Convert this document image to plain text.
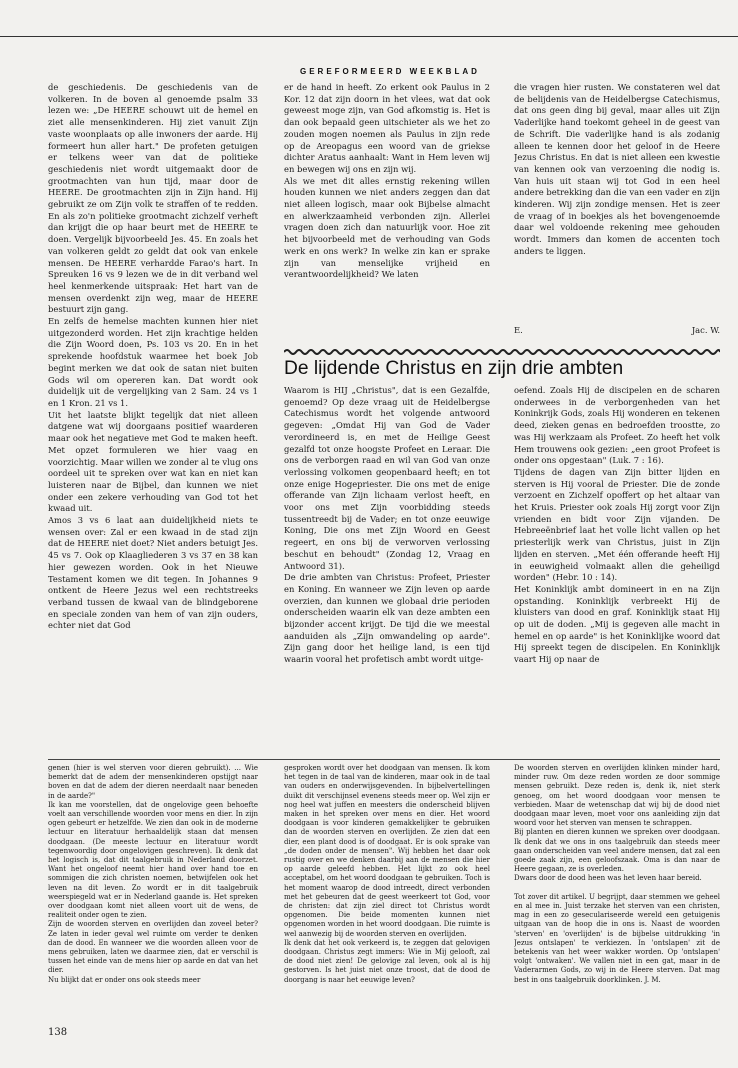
GEREFORMEERD WEEKBLAD
de geschiedenis. De geschiedenis van de volkeren. In de boven al genoemde psalm 33 lezen we: „De HEERE schouwt uit de hemel en ziet alle mensenkinderen. Hij ziet vanuit Zijn vaste woonplaats op alle inwoners der aarde. Hij formeert hun aller hart." De profeten getuigen er telkens weer van dat de politieke geschiedenis niet wordt uitgemaakt door de grootmachten van hun tijd, maar door de HEERE. De grootmachten zijn in Zijn hand. Hij gebruikt ze om Zijn volk te straffen of te redden. En als zo'n politieke grootmacht zichzelf verheft dan krijgt die op haar beurt met de HEERE te doen. Vergelijk bijvoorbeeld Jes. 45. En zoals het van volkeren geldt zo geldt dat ook van enkele mensen. De HEERE verhardde Farao's hart. In Spreuken 16 vs 9 lezen we de in dit verband wel heel kenmerkende uitspraak: Het hart van de mensen overdenkt zijn weg, maar de HEERE bestuurt zijn gang.
En zelfs de hemelse machten kunnen hier niet uitgezonderd worden. Het zijn krachtige helden die Zijn Woord doen, Ps. 103 vs 20. En in het sprekende hoofdstuk waarmee het boek Job begint merken we dat ook de satan niet buiten Gods wil om opereren kan. Dat wordt ook duidelijk uit de vergelijking van 2 Sam. 24 vs 1 en 1 Kron. 21 vs 1.
Uit het laatste blijkt tegelijk dat niet alleen datgene wat wij doorgaans positief waarderen maar ook het negatieve met God te maken heeft. Met opzet formuleren we hier vaag en voorzichtig. Maar willen we zonder al te vlug ons oordeel uit te spreken over wat kan en niet kan luisteren naar de Bijbel, dan kunnen we niet onder een zekere verhouding van God tot het kwaad uit.
Amos 3 vs 6 laat aan duidelijkheid niets te wensen over: Zal er een kwaad in de stad zijn dat de HEERE niet doet? Niet anders betuigt Jes. 45 vs 7. Ook op Klaagliederen 3 vs 37 en 38 kan hier gewezen worden. Ook in het Nieuwe Testament komen we dit tegen. In Johannes 9 ontkent de Heere Jezus wel een rechtstreeks verband tussen de kwaal van de blindgeborene en speciale zonden van hem of van zijn ouders, echter niet dat God
er de hand in heeft. Zo erkent ook Paulus in 2 Kor. 12 dat zijn doorn in het vlees, wat dat ook geweest moge zijn, van God afkomstig is. Het is dan ook bepaald geen uitschieter als we het zo zouden mogen noemen als Paulus in zijn rede op de Areopagus een woord van de griekse dichter Aratus aanhaalt: Want in Hem leven wij en bewegen wij ons en zijn wij.
Als we met dit alles ernstig rekening willen houden kunnen we niet anders zeggen dan dat niet alleen logisch, maar ook Bijbelse almacht en alwerkzaamheid verbonden zijn. Allerlei vragen doen zich dan natuurlijk voor. Hoe zit het bijvoorbeeld met de verhouding van Gods werk en ons werk? In welke zin kan er sprake zijn van menselijke vrijheid en verantwoordelijkheid? We laten
die vragen hier rusten. We constateren wel dat de belijdenis van de Heidelbergse Catechismus, dat ons geen ding bij geval, maar alles uit Zijn Vaderlijke hand toekomt geheel in de geest van de Schrift. Die vaderlijke hand is als zodanig alleen te kennen door het geloof in de Heere Jezus Christus. En dat is niet alleen een kwestie van kennen ook van verzoening die nodig is. Van huis uit staan wij tot God in een heel andere betrekking dan die van een vader en zijn kinderen. Wij zijn zondige mensen. Het is zeer de vraag of in boekjes als het bovengenoemde daar wel voldoende rekening mee gehouden wordt. Immers dan komen de accenten toch anders te liggen.
E.	Jac. W.
De lijdende Christus en zijn drie ambten
Waarom is HIJ „Christus", dat is een Gezalfde, genoemd? Op deze vraag uit de Heidelbergse Catechismus wordt het volgende antwoord gegeven: „Omdat Hij van God de Vader verordineerd is, en met de Heilige Geest gezalfd tot onze hoogste Profeet en Leraar. Die ons de verborgen raad en wil van God van onze verlossing volkomen geopenbaard heeft; en tot onze enige Hogepriester. Die ons met de enige offerande van Zijn lichaam verlost heeft, en voor ons met Zijn voorbidding steeds tussentreedt bij de Vader; en tot onze eeuwige Koning, Die ons met Zijn Woord en Geest regeert, en ons bij de verworven verlossing beschut en behoudt" (Zondag 12, Vraag en Antwoord 31).
De drie ambten van Christus: Profeet, Priester en Koning. En wanneer we Zijn leven op aarde overzien, dan kunnen we globaal drie perioden onderscheiden waarin elk van deze ambten een bijzonder accent krijgt. De tijd die we meestal aanduiden als „Zijn omwandeling op aarde". Zijn gang door het heilige land, is een tijd waarin vooral het profetisch ambt wordt uitge-
oefend. Zoals Hij de discipelen en de scharen onderwees in de verborgenheden van het Koninkrijk Gods, zoals Hij wonderen en tekenen deed, zieken genas en bedroefden troostte, zo was Hij werkzaam als Profeet. Zo heeft het volk Hem trouwens ook gezien: „een groot Profeet is onder ons opgestaan" (Luk. 7 : 16).
Tijdens de dagen van Zijn bitter lijden en sterven is Hij vooral de Priester. Die de zonde verzoent en Zichzelf opoffert op het altaar van het Kruis. Priester ook zoals Hij zorgt voor Zijn vrienden en bidt voor Zijn vijanden. De Hebreeënbrief laat het volle licht vallen op het priesterlijk werk van Christus, juist in Zijn lijden en sterven. „Met één offerande heeft Hij in eeuwigheid volmaakt allen die geheiligd worden" (Hebr. 10 : 14).
Het Koninklijk ambt domineert in en na Zijn opstanding. Koninklijk verbreekt Hij de kluisters van dood en graf. Koninklijk staat Hij op uit de doden. „Mij is gegeven alle macht in hemel en op aarde" is het Koninklijke woord dat Hij spreekt tegen de discipelen. En Koninklijk vaart Hij op naar de
genen (hier is wel sterven voor dieren gebruikt). ... Wie bemerkt dat de adem der mensenkinderen opstijgt naar boven en dat de adem der dieren neerdaalt naar beneden in de aarde?"
Ik kan me voorstellen, dat de ongelovige geen behoefte voelt aan verschillende woorden voor mens en dier. In zijn ogen gebeurt er hetzelfde. We zien dan ook in de moderne lectuur en literatuur herhaaldelijk staan dat mensen doodgaan. (De meeste lectuur en literatuur wordt tegenwoordig door ongelovigen geschreven). Ik denk dat het logisch is, dat dit taalgebruik in Nederland doorzet. Want het ongeloof neemt hier hand over hand toe en sommigen die zich christen noemen, betwijfelen ook het leven na dit leven. Zo wordt er in dit taalgebruik weerspiegeld wat er in Nederland gaande is. Het spreken over doodgaan komt niet alleen voort uit de wens, de realiteit onder ogen te zien.
Zijn de woorden sterven en overlijden dan zoveel beter? Ze laten in ieder geval wel ruimte om verder te denken dan de dood. En wanneer we die woorden alleen voor de mens gebruiken, laten we daarmee zien, dat er verschil is tussen het einde van de mens hier op aarde en dat van het dier.
Nu blijkt dat er onder ons ook steeds meer
gesproken wordt over het doodgaan van mensen. Ik kom het tegen in de taal van de kinderen, maar ook in de taal van ouders en onderwijsgevenden. In bijbelvertellingen duikt dit verschijnsel evenens steeds meer op. Wel zijn er nog heel wat juffen en meesters die onderscheid blijven maken in het spreken over mens en dier. Het woord doodgaan is voor kinderen gemakkelijker te gebruiken dan de woorden sterven en overlijden. Ze zien dat een dier, een plant dood is of doodgaat. Er is ook sprake van „de doden onder de mensen". Wij hebben het daar ook rustig over en we denken daarbij aan de mensen die hier op aarde geleefd hebben. Het lijkt zo ook heel acceptabel, om het woord doodgaan te gebruiken. Toch is het moment waarop de dood intreedt, direct verbonden met het gebeuren dat de geest weerkeert tot God, voor de christen: dat zijn ziel direct tot Christus wordt opgenomen. Die beide momenten kunnen niet opgenomen worden in het woord doodgaan. Die ruimte is wel aanwezig bij de woorden sterven en overlijden.
Ik denk dat het ook verkeerd is, te zeggen dat gelovigen doodgaan. Christus zegt immers: Wie in Mij gelooft, zal de dood niet zien! De gelovige zal leven, ook al is hij gestorven. Is het juist niet onze troost, dat de dood de doorgang is naar het eeuwige leven?
De woorden sterven en overlijden klinken minder hard, minder ruw. Om deze reden worden ze door sommige mensen gebruikt. Deze reden is, denk ik, niet sterk genoeg, om het woord doodgaan voor mensen te verbieden. Maar de wetenschap dat wij bij de dood niet doodgaan maar leven, moet voor ons aanleiding zijn dat woord voor het sterven van mensen te schrappen.
Bij planten en dieren kunnen we spreken over doodgaan. Ik denk dat we ons in ons taalgebruik dan steeds meer gaan onderscheiden van veel andere mensen, dat zal een goede zaak zijn, een geloofszaak. Oma is dan naar de Heere gegaan, ze is overleden.
Dwars door de dood heen was het leven haar bereid.

Tot zover dit artikel. U begrijpt, daar stemmen we geheel en al mee in. Juist terzake het sterven van een christen, mag in een zo geseculariseerde wereld een getuigenis uitgaan van de hoop die in ons is. Naast de woorden 'sterven' en 'overlijden' is de bijbelse uitdrukking 'in Jezus ontslapen' te verkiezen. In 'ontslapen' zit de betekenis van het weer wakker worden. Op 'ontslapen' volgt 'ontwaken'. We vallen niet in een gat, maar in de Vaderarmen Gods, zo wij in de Heere sterven. Dat mag best in ons taalgebruik doorklinken. J. M.
138
